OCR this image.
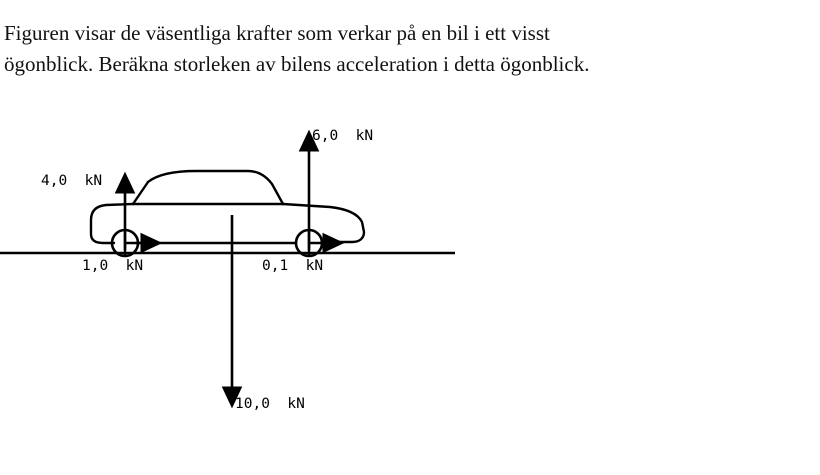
Figuren visar de väsentliga krafter som verkar på en bil i ett visst
ögonblick. Beräkna storleken av bilens acceleration i detta ögonblick.
6,0  kN
4,0  kN
1,0  kN	0,1  kN
10,0  kN
